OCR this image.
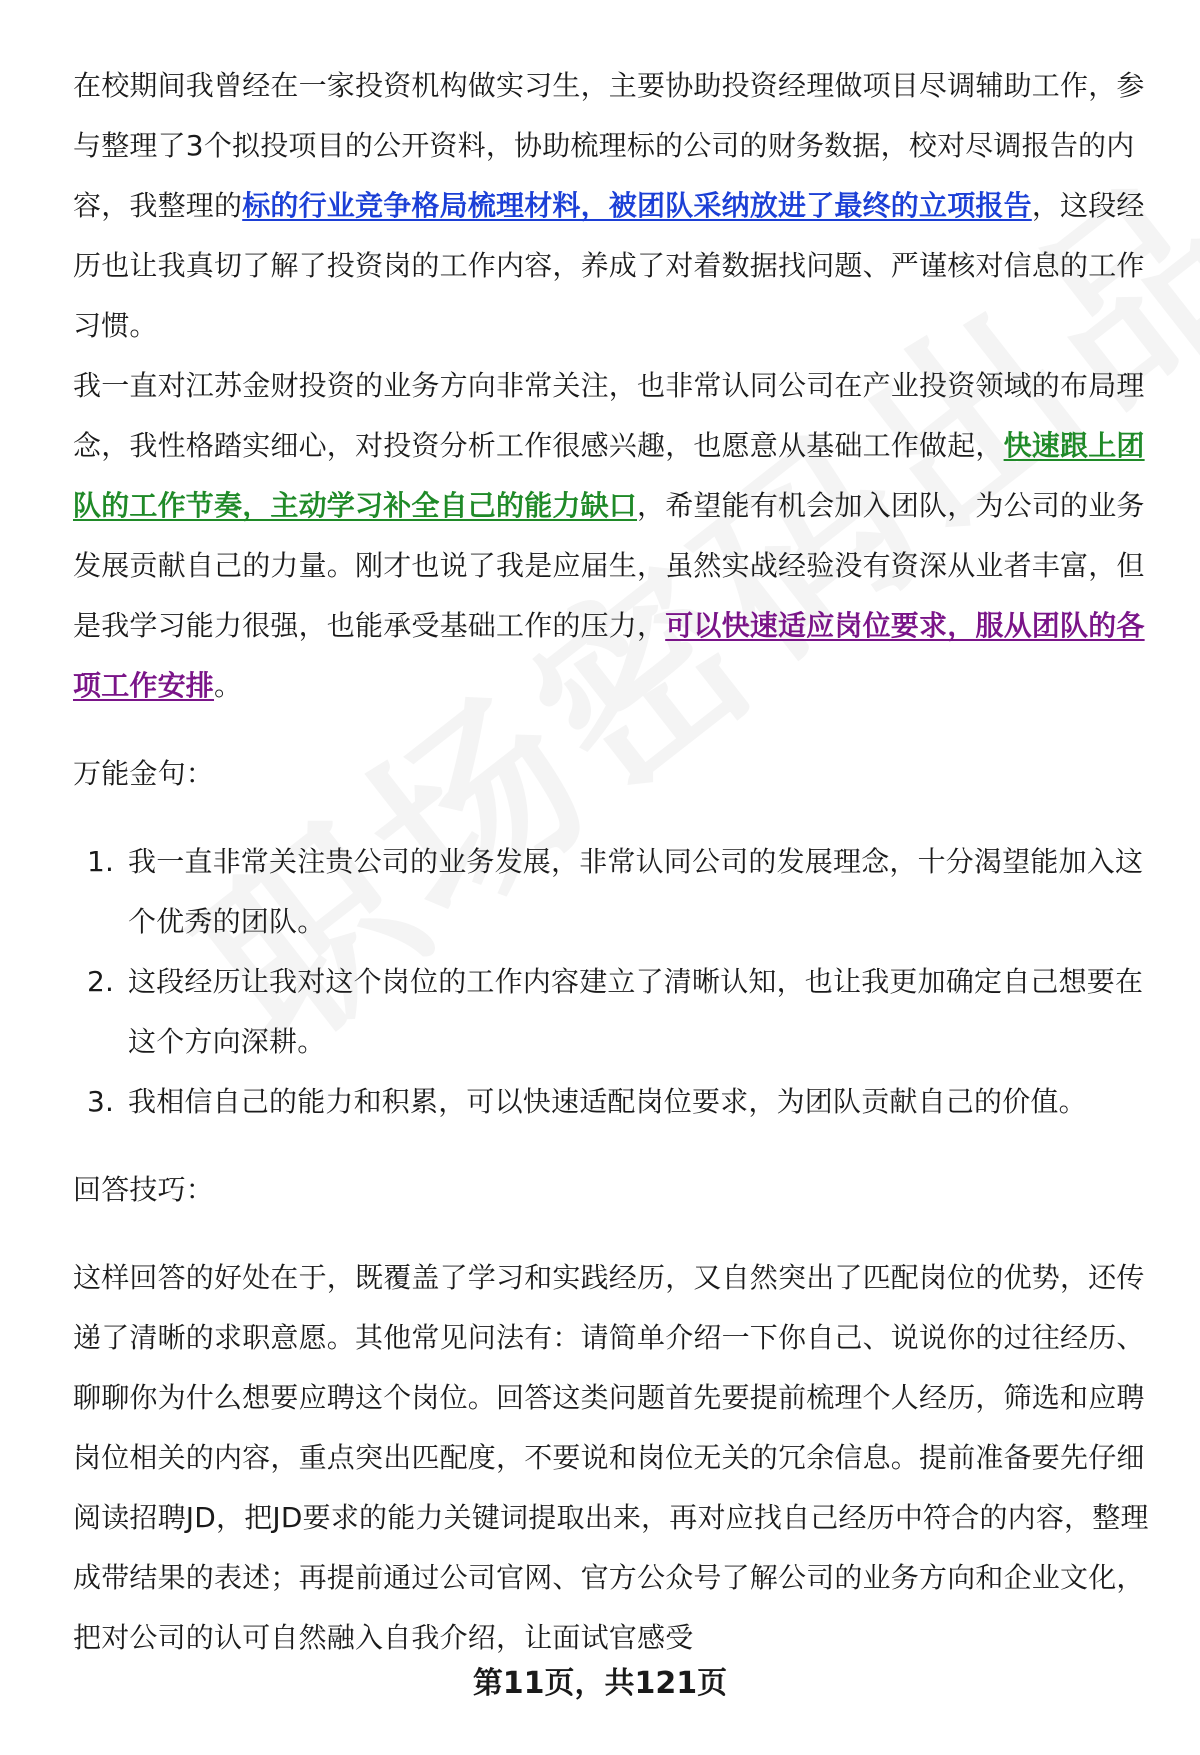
在校期间我曾经在一家投资机构做实习生，主要协助投资经理做项目尽调辅助工作，参与整理了3个拟投项目的公开资料，协助梳理标的公司的财务数据，校对尽调报告的内容，我整理的标的行业竞争格局梳理材料，被团队采纳放进了最终的立项报告，这段经历也让我真切了解了投资岗的工作内容，养成了对着数据找问题、严谨核对信息的工作习惯。

我一直对江苏金财投资的业务方向非常关注，也非常认同公司在产业投资领域的布局理念，我性格踏实细心，对投资分析工作很感兴趣，也愿意从基础工作做起，快速跟上团队的工作节奏，主动学习补全自己的能力缺口，希望能有机会加入团队，为公司的业务发展贡献自己的力量。刚才也说了我是应届生，虽然实战经验没有资深从业者丰富，但是我学习能力很强，也能承受基础工作的压力，可以快速适应岗位要求，服从团队的各项工作安排。

万能金句：

1. 我一直非常关注贵公司的业务发展，非常认同公司的发展理念，十分渴望能加入这个优秀的团队。
2. 这段经历让我对这个岗位的工作内容建立了清晰认知，也让我更加确定自己想要在这个方向深耕。
3. 我相信自己的能力和积累，可以快速适配岗位要求，为团队贡献自己的价值。

回答技巧：

这样回答的好处在于，既覆盖了学习和实践经历，又自然突出了匹配岗位的优势，还传递了清晰的求职意愿。其他常见问法有：请简单介绍一下你自己、说说你的过往经历、聊聊你为什么想要应聘这个岗位。回答这类问题首先要提前梳理个人经历，筛选和应聘岗位相关的内容，重点突出匹配度，不要说和岗位无关的冗余信息。提前准备要先仔细阅读招聘JD，把JD要求的能力关键词提取出来，再对应找自己经历中符合的内容，整理成带结果的表述；再提前通过公司官网、官方公众号了解公司的业务方向和企业文化，把对公司的认可自然融入自我介绍，让面试官感受

第11页，共121页
